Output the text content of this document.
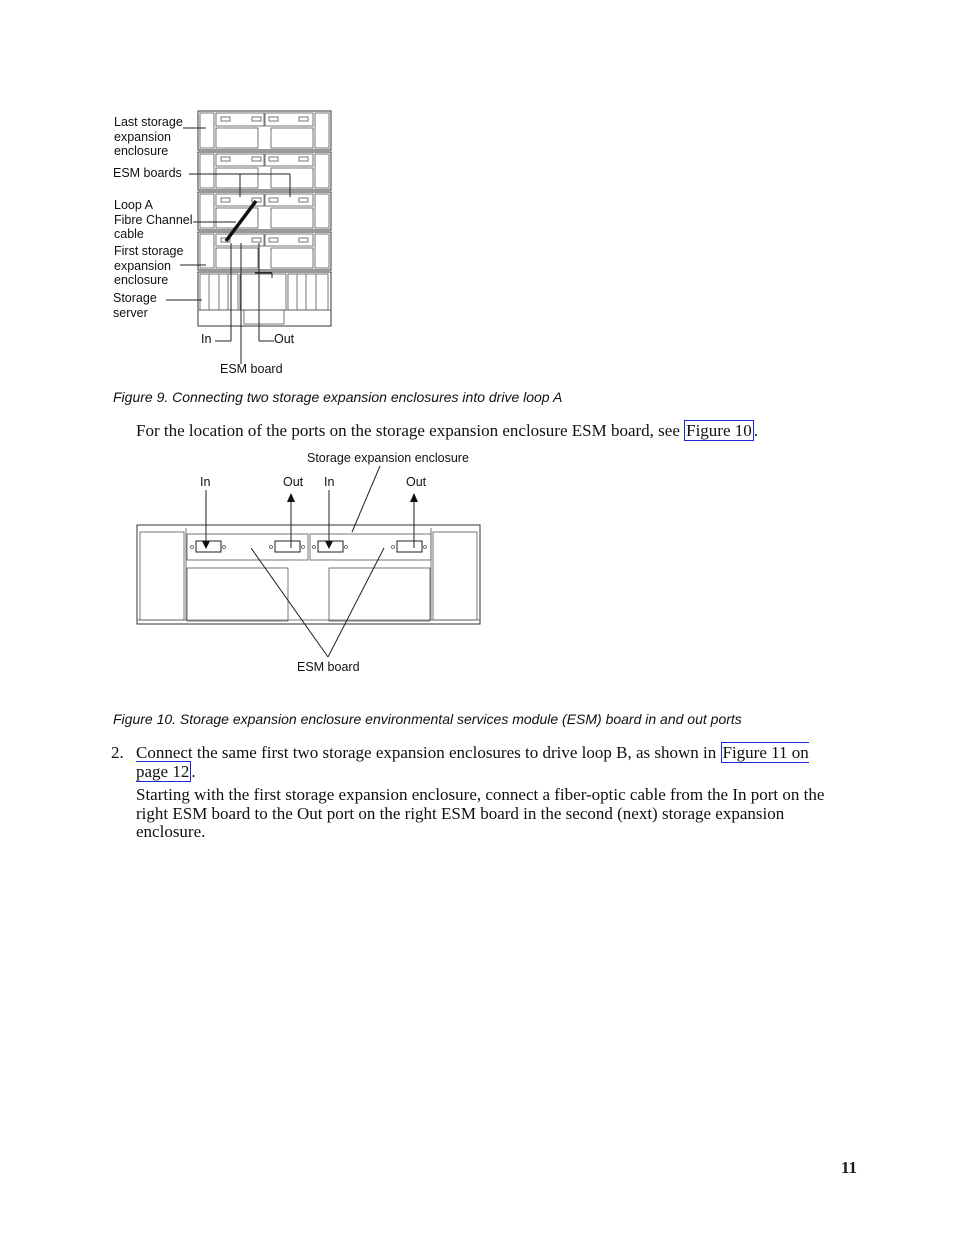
Last storage
expansion
enclosure
ESM boards
Loop A
Fibre Channel
cable
First storage
expansion
enclosure
Storage
server
In	Out
ESM board
Figure 9. Connecting two storage expansion enclosures into drive loop A
For the location of the ports on the storage expansion enclosure ESM board, see Figure 10 .
Storage expansion enclosure
In	Out In	Out
ESM board
Figure 10. Storage expansion enclosure environmental services module (ESM) board in and out ports
2. Connect the same first two storage expansion enclosures to drive loop B, as shown in Figure 11 on page 12 .
Starting with the first storage expansion enclosure, connect a fiber-optic cable from the In port on the right ESM board to the Out port on the right ESM board in the second (next) storage expansion enclosure.
11
